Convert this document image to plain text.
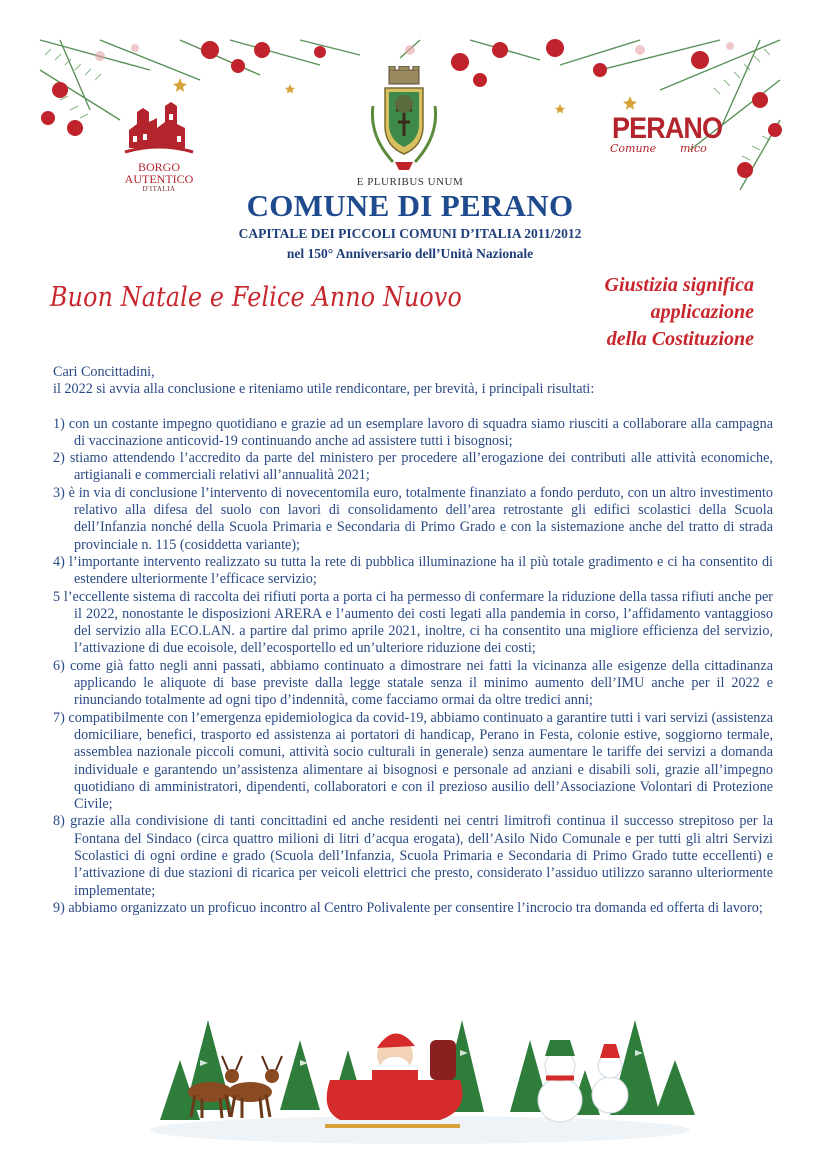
BORGO
AUTENTICO
D'ITALIA
E PLURIBUS UNUM
PERANO
Comune mico
COMUNE DI PERANO
CAPITALE DEI PICCOLI COMUNI D’ITALIA 2011/2012
nel 150° Anniversario dell’Unità Nazionale
Buon Natale e Felice Anno Nuovo	Giustizia significa
applicazione
della Costituzione

Cari Concittadini,

il 2022 si avvia alla conclusione e riteniamo utile rendicontare, per brevità, i principali risultati:

1) con un costante impegno quotidiano e grazie ad un esemplare lavoro di squadra siamo riusciti a collaborare alla campagna di vaccinazione anticovid-19 continuando anche ad assistere tutti i bisognosi;

2) stiamo attendendo l’accredito da parte del ministero per procedere all’erogazione dei contributi alle attività economiche, artigianali e commerciali relativi all’annualità 2021;

3) è in via di conclusione l’intervento di novecentomila euro, totalmente finanziato a fondo perduto, con un altro investimento relativo alla difesa del suolo con lavori di consolidamento dell’area retrostante gli edifici scolastici della Scuola dell’Infanzia nonché della Scuola Primaria e Secondaria di Primo Grado e con la sistemazione anche del tratto di strada provinciale n. 115 (cosiddetta variante);

4) l’importante intervento realizzato su tutta la rete di pubblica illuminazione ha il più totale gradimento e ci ha consentito di estendere ulteriormente l’efficace servizio;

5 l’eccellente sistema di raccolta dei rifiuti porta a porta ci ha permesso di confermare la riduzione della tassa rifiuti anche per il 2022, nonostante le disposizioni ARERA e l’aumento dei costi legati alla pandemia in corso, l’affidamento vantaggioso del servizio alla ECO.LAN. a partire dal primo aprile 2021, inoltre, ci ha consentito una migliore efficienza del servizio, l’attivazione di due ecoisole, dell’ecosportello ed un’ulteriore riduzione dei costi;

6) come già fatto negli anni passati, abbiamo continuato a dimostrare nei fatti la vicinanza alle esigenze della cittadinanza applicando le aliquote di base previste dalla legge statale senza il minimo aumento dell’IMU anche per il 2022 e rinunciando totalmente ad ogni tipo d’indennità, come facciamo ormai da oltre tredici anni;

7) compatibilmente con l’emergenza epidemiologica da covid-19, abbiamo continuato a garantire tutti i vari servizi (assistenza domiciliare, benefici, trasporto ed assistenza ai portatori di handicap, Perano in Festa, colonie estive, soggiorno termale, assemblea nazionale piccoli comuni, attività socio culturali in generale) senza aumentare le tariffe dei servizi a domanda individuale e garantendo un’assistenza alimentare ai bisognosi e personale ad anziani e disabili soli, grazie all’impegno quotidiano di amministratori, dipendenti, collaboratori e con il prezioso ausilio dell’Associazione Volontari di Protezione Civile;

8) grazie alla condivisione di tanti concittadini ed anche residenti nei centri limitrofi continua il successo strepitoso per la Fontana del Sindaco (circa quattro milioni di litri d’acqua erogata), dell’Asilo Nido Comunale e per tutti gli altri Servizi Scolastici di ogni ordine e grado (Scuola dell’Infanzia, Scuola Primaria e Secondaria di Primo Grado tutte eccellenti) e l’attivazione di due stazioni di ricarica per veicoli elettrici che presto, considerato l’assiduo utilizzo saranno ulteriormente implementate;

9) abbiamo organizzato un proficuo incontro al Centro Polivalente per consentire l’incrocio tra domanda ed offerta di lavoro;
